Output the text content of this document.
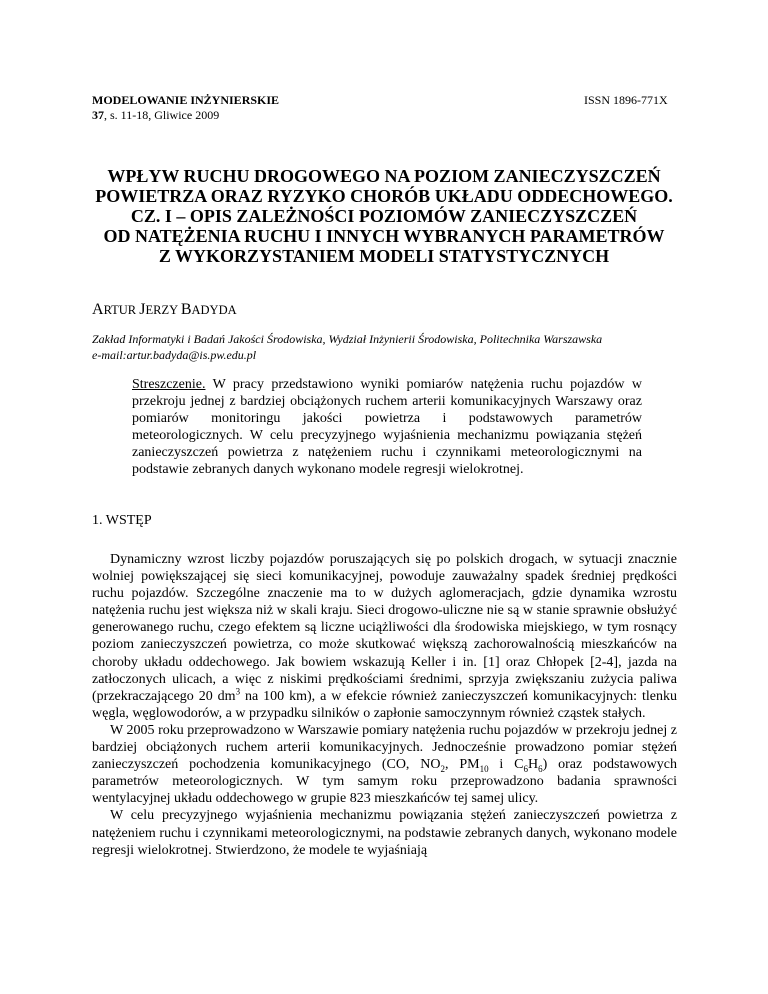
MODELOWANIE INŻYNIERSKIE
37, s. 11-18, Gliwice 2009
ISSN 1896-771X
WPŁYW RUCHU DROGOWEGO NA POZIOM ZANIECZYSZCZEŃ
POWIETRZA ORAZ RYZYKO CHORÓB UKŁADU ODDECHOWEGO.
CZ. I – OPIS ZALEŻNOŚCI POZIOMÓW ZANIECZYSZCZEŃ
OD NATĘŻENIA RUCHU I INNYCH WYBRANYCH PARAMETRÓW
Z WYKORZYSTANIEM MODELI STATYSTYCZNYCH
ARTUR JERZY BADYDA
Zakład Informatyki i Badań Jakości Środowiska, Wydział Inżynierii Środowiska, Politechnika Warszawska
e-mail:artur.badyda@is.pw.edu.pl
Streszczenie. W pracy przedstawiono wyniki pomiarów natężenia ruchu pojazdów w przekroju jednej z bardziej obciążonych ruchem arterii komunikacyjnych Warszawy oraz pomiarów monitoringu jakości powietrza i podstawowych parametrów meteorologicznych. W celu precyzyjnego wyjaśnienia mechanizmu powiązania stężeń zanieczyszczeń powietrza z natężeniem ruchu i czynnikami meteorologicznymi na podstawie zebranych danych wykonano modele regresji wielokrotnej.
1. WSTĘP

Dynamiczny wzrost liczby pojazdów poruszających się po polskich drogach, w sytuacji znacznie wolniej powiększającej się sieci komunikacyjnej, powoduje zauważalny spadek średniej prędkości ruchu pojazdów. Szczególne znaczenie ma to w dużych aglomeracjach, gdzie dynamika wzrostu natężenia ruchu jest większa niż w skali kraju. Sieci drogowo-uliczne nie są w stanie sprawnie obsłużyć generowanego ruchu, czego efektem są liczne uciążliwości dla środowiska miejskiego, w tym rosnący poziom zanieczyszczeń powietrza, co może skutkować większą zachorowalnością mieszkańców na choroby układu oddechowego. Jak bowiem wskazują Keller i in. [1] oraz Chłopek [2-4], jazda na zatłoczonych ulicach, a więc z niskimi prędkościami średnimi, sprzyja zwiększaniu zużycia paliwa (przekraczającego 20 $dm^3$ na 100 km), a w efekcie również zanieczyszczeń komunikacyjnych: tlenku węgla, węglowodorów, a w przypadku silników o zapłonie samoczynnym również cząstek stałych.

W 2005 roku przeprowadzono w Warszawie pomiary natężenia ruchu pojazdów w przekroju jednej z bardziej obciążonych ruchem arterii komunikacyjnych. Jednocześnie prowadzono pomiar stężeń zanieczyszczeń pochodzenia komunikacyjnego (CO, $NO_2$, $PM_{10}$ i $C_6H_6$) oraz podstawowych parametrów meteorologicznych. W tym samym roku przeprowadzono badania sprawności wentylacyjnej układu oddechowego w grupie 823 mieszkańców tej samej ulicy.

W celu precyzyjnego wyjaśnienia mechanizmu powiązania stężeń zanieczyszczeń powietrza z natężeniem ruchu i czynnikami meteorologicznymi, na podstawie zebranych danych, wykonano modele regresji wielokrotnej. Stwierdzono, że modele te wyjaśniają
